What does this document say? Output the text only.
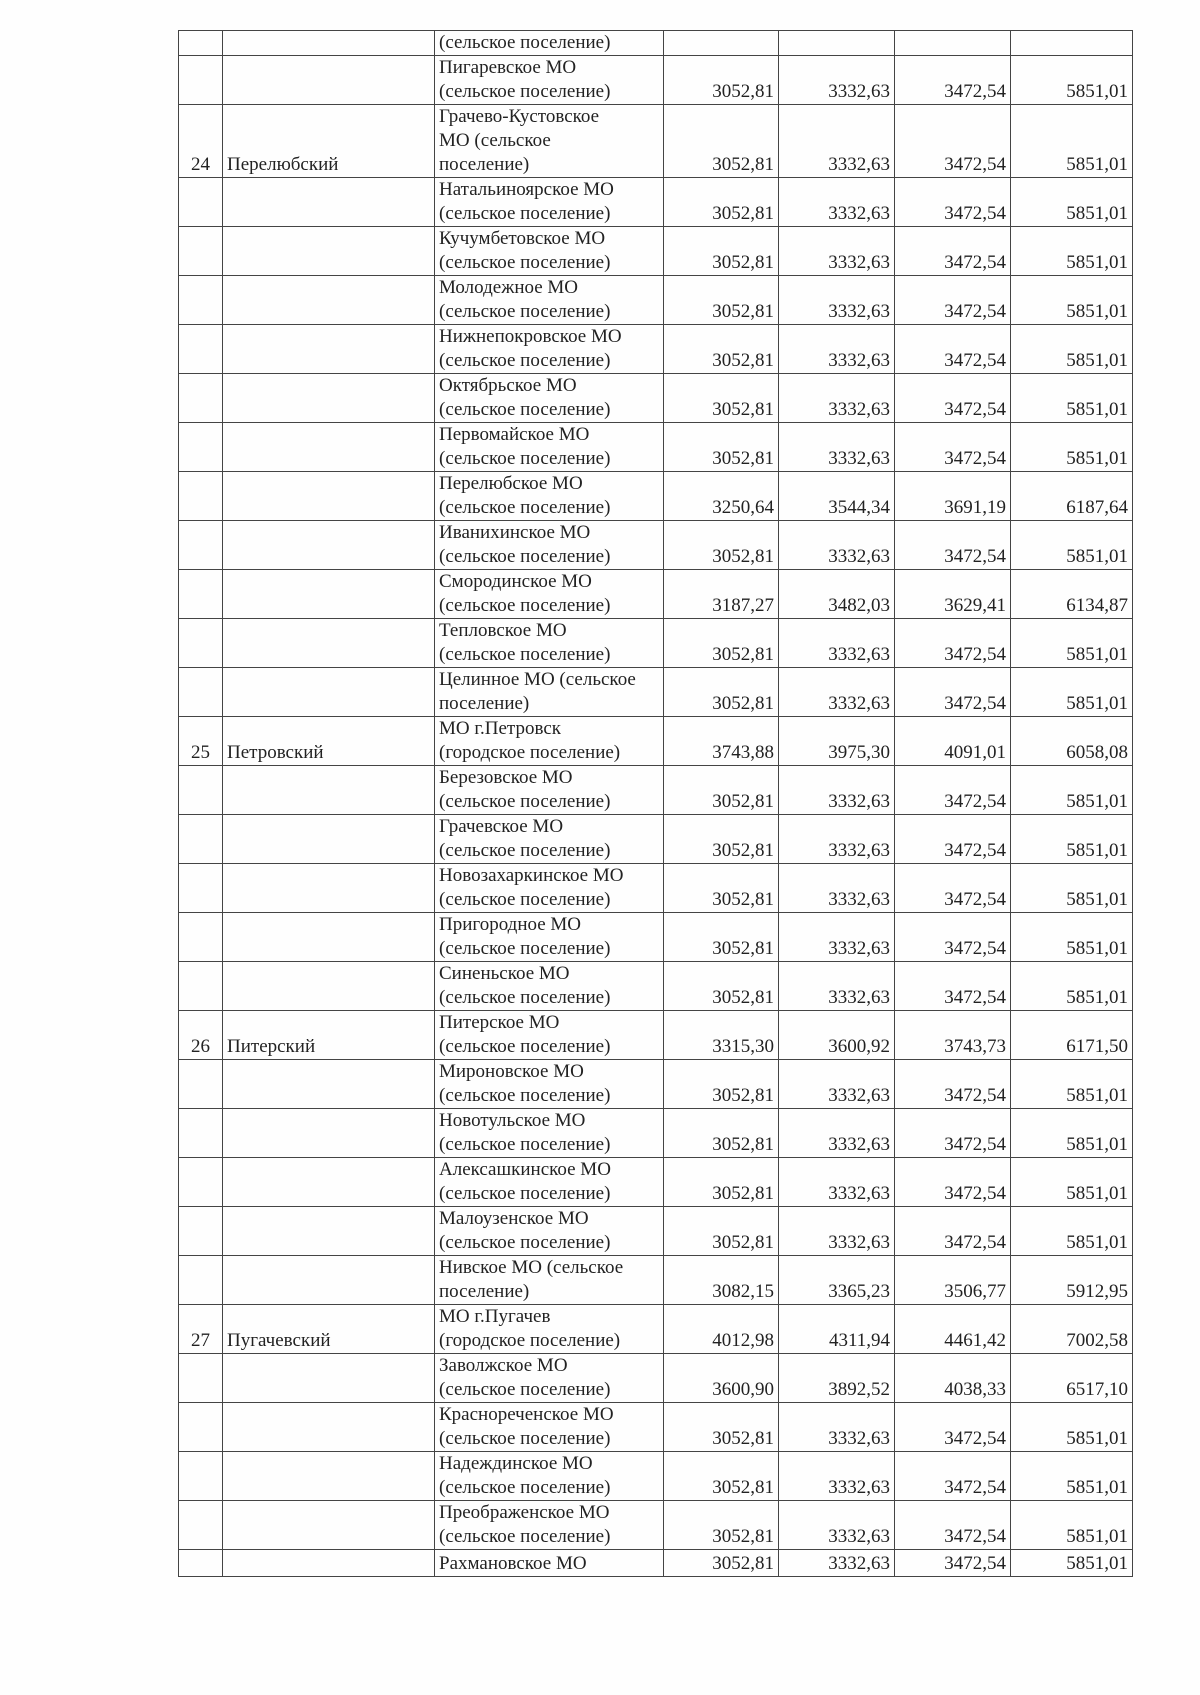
		(сельское поселение)				

		Пигаревское МО
(сельское поселение)	3052,81	3332,63	3472,54	5851,01
24	Перелюбский	Грачево-Кустовское
МО (сельское
поселение)	3052,81	3332,63	3472,54	5851,01

		Натальиноярское МО
(сельское поселение)	3052,81	3332,63	3472,54	5851,01

		Кучумбетовское МО
(сельское поселение)	3052,81	3332,63	3472,54	5851,01

		Молодежное МО
(сельское поселение)	3052,81	3332,63	3472,54	5851,01

		Нижнепокровское МО
(сельское поселение)	3052,81	3332,63	3472,54	5851,01

		Октябрьское МО
(сельское поселение)	3052,81	3332,63	3472,54	5851,01

		Первомайское МО
(сельское поселение)	3052,81	3332,63	3472,54	5851,01

		Перелюбское МО
(сельское поселение)	3250,64	3544,34	3691,19	6187,64

		Иванихинское МО
(сельское поселение)	3052,81	3332,63	3472,54	5851,01

		Смородинское МО
(сельское поселение)	3187,27	3482,03	3629,41	6134,87

		Тепловское МО
(сельское поселение)	3052,81	3332,63	3472,54	5851,01

		Целинное МО (сельское
поселение)	3052,81	3332,63	3472,54	5851,01
25	Петровский	МО г.Петровск
(городское поселение)	3743,88	3975,30	4091,01	6058,08

		Березовское МО
(сельское поселение)	3052,81	3332,63	3472,54	5851,01

		Грачевское МО
(сельское поселение)	3052,81	3332,63	3472,54	5851,01

		Новозахаркинское МО
(сельское поселение)	3052,81	3332,63	3472,54	5851,01

		Пригородное МО
(сельское поселение)	3052,81	3332,63	3472,54	5851,01

		Синеньское МО
(сельское поселение)	3052,81	3332,63	3472,54	5851,01
26	Питерский	Питерское МО
(сельское поселение)	3315,30	3600,92	3743,73	6171,50

		Мироновское МО
(сельское поселение)	3052,81	3332,63	3472,54	5851,01

		Новотульское МО
(сельское поселение)	3052,81	3332,63	3472,54	5851,01

		Алексашкинское МО
(сельское поселение)	3052,81	3332,63	3472,54	5851,01

		Малоузенское МО
(сельское поселение)	3052,81	3332,63	3472,54	5851,01

		Нивское МО (сельское
поселение)	3082,15	3365,23	3506,77	5912,95
27	Пугачевский	МО г.Пугачев
(городское поселение)	4012,98	4311,94	4461,42	7002,58

		Заволжское МО
(сельское поселение)	3600,90	3892,52	4038,33	6517,10

		Краснореченское МО
(сельское поселение)	3052,81	3332,63	3472,54	5851,01

		Надеждинское МО
(сельское поселение)	3052,81	3332,63	3472,54	5851,01

		Преображенское МО
(сельское поселение)	3052,81	3332,63	3472,54	5851,01

		Рахмановское МО	3052,81	3332,63	3472,54	5851,01
